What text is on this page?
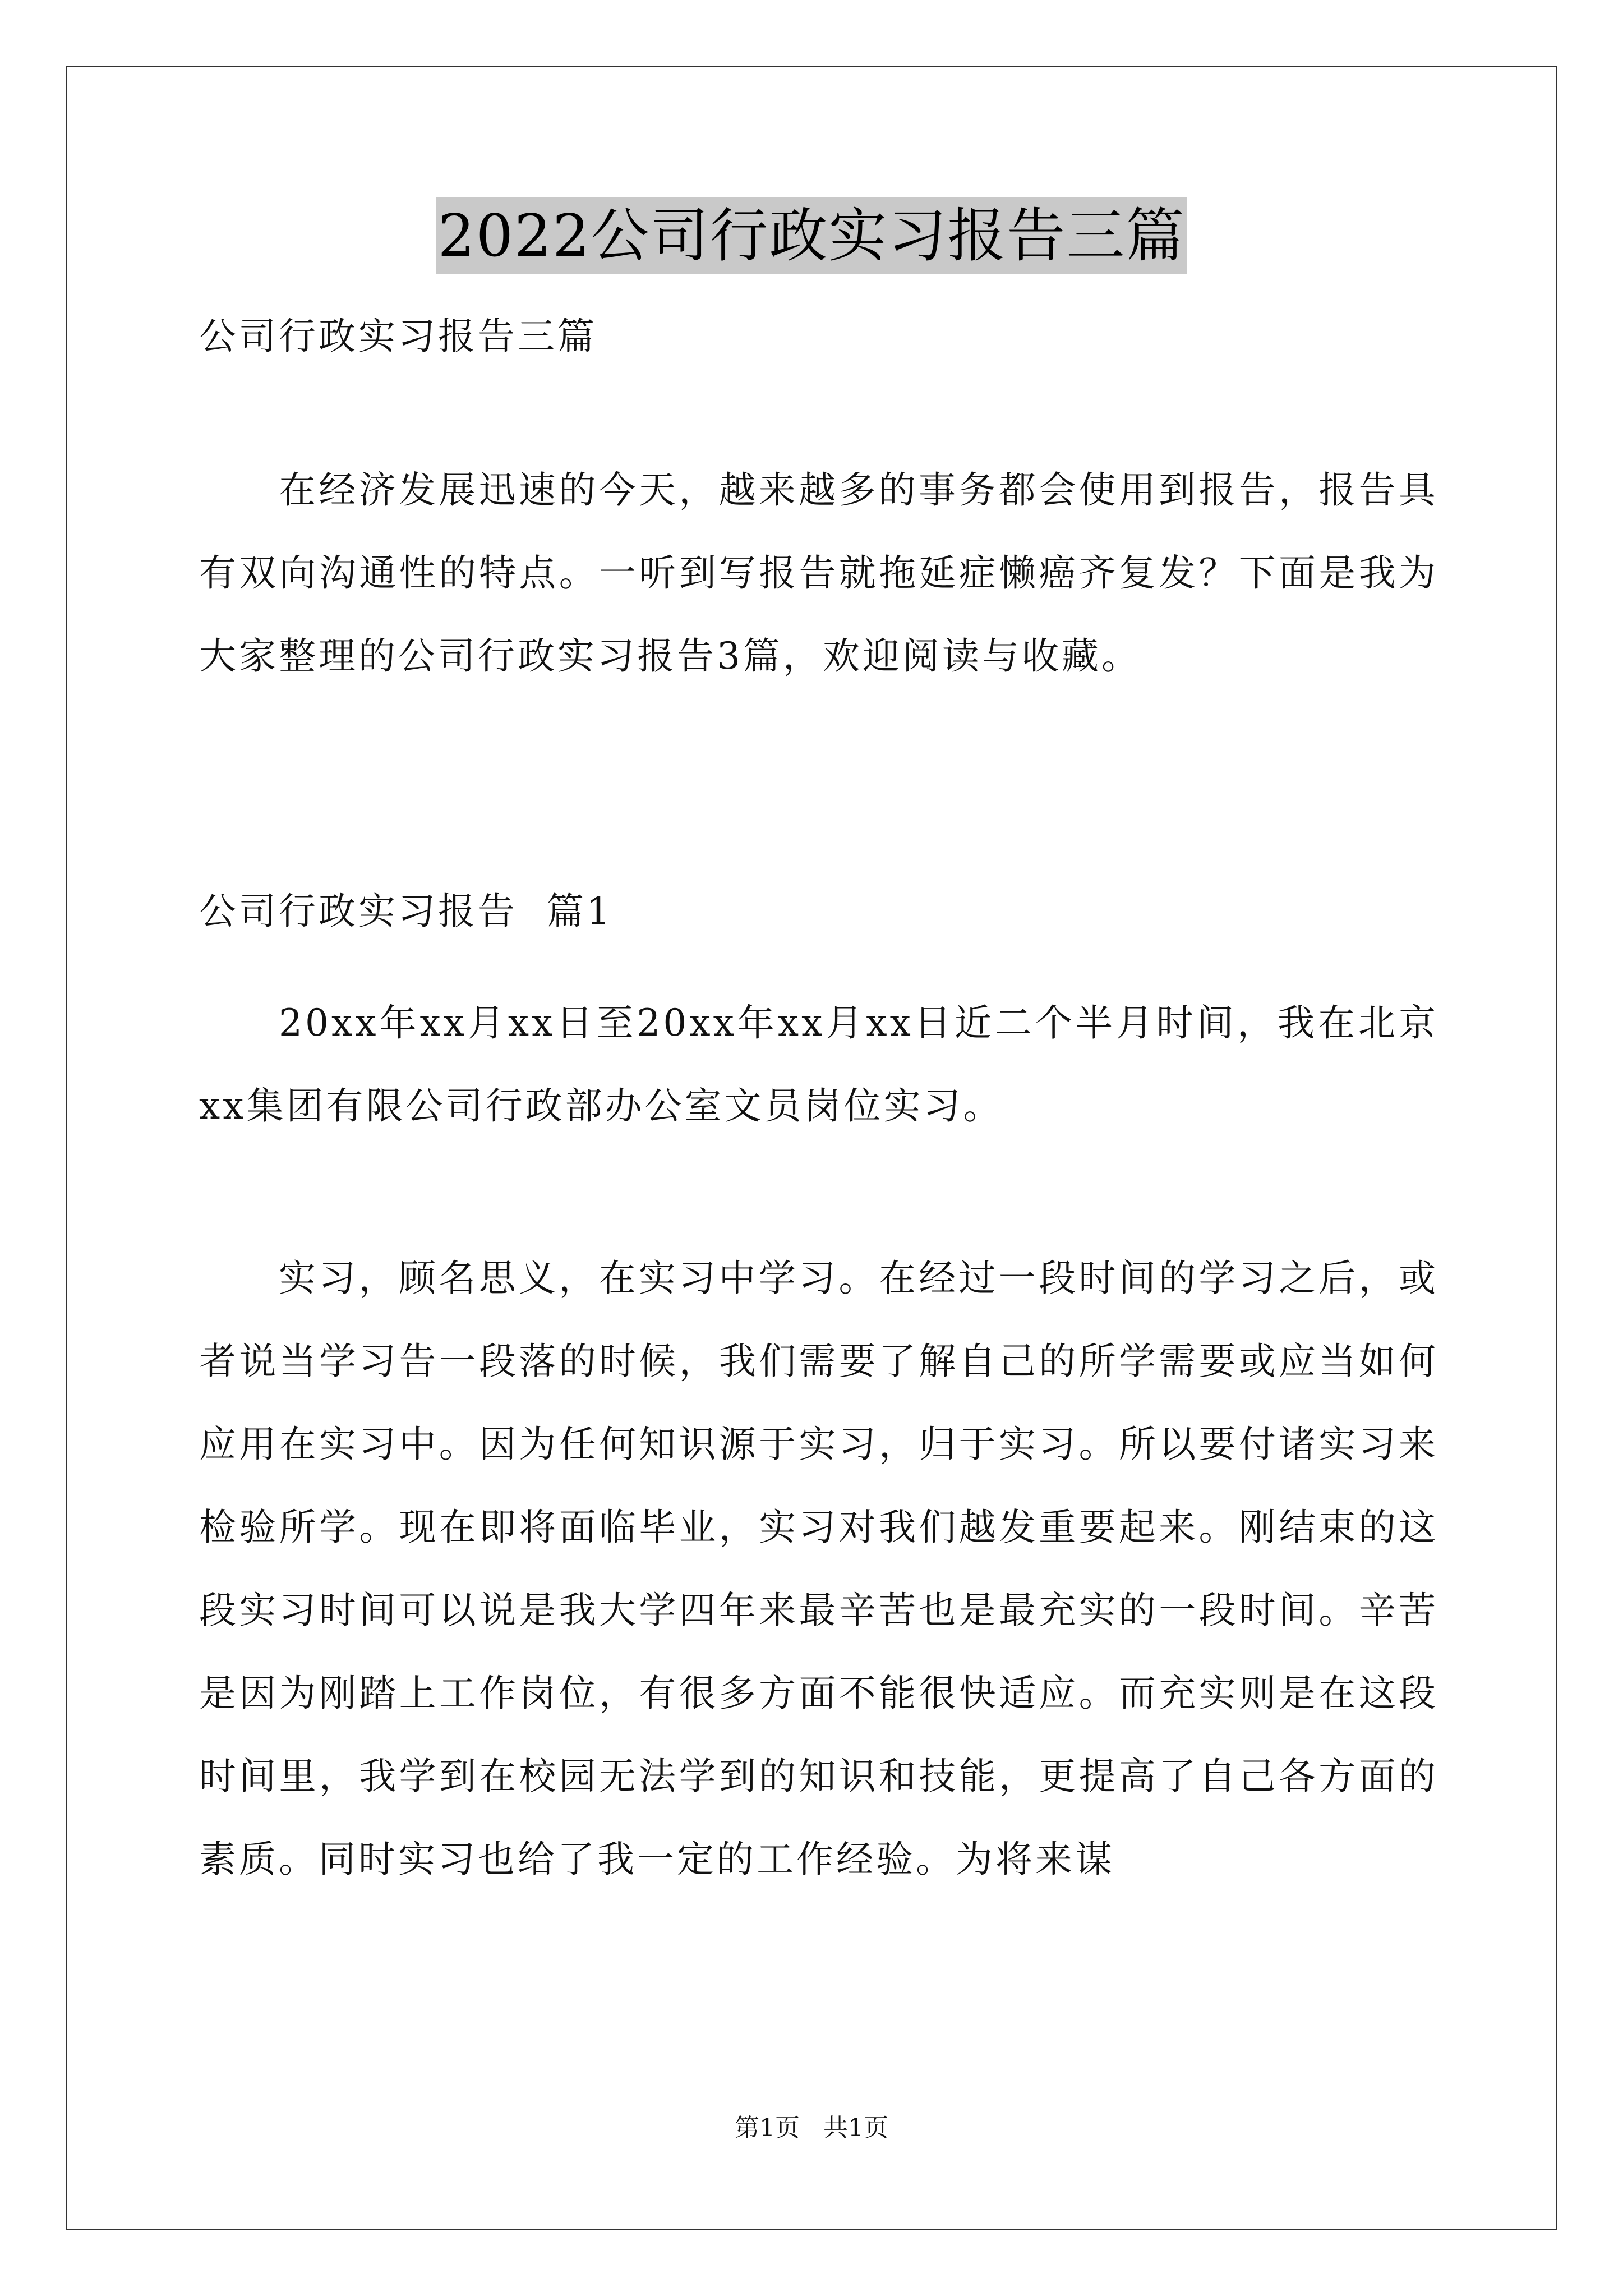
2022公司行政实习报告三篇

公司行政实习报告三篇

在经济发展迅速的今天，越来越多的事务都会使用到报告，报告具有双向沟通性的特点。一听到写报告就拖延症懒癌齐复发？下面是我为大家整理的公司行政实习报告3篇，欢迎阅读与收藏。

公司行政实习报告  篇1

20xx年xx月xx日至20xx年xx月xx日近二个半月时间，我在北京xx集团有限公司行政部办公室文员岗位实习。

实习，顾名思义，在实习中学习。在经过一段时间的学习之后，或者说当学习告一段落的时候，我们需要了解自己的所学需要或应当如何应用在实习中。因为任何知识源于实习，归于实习。所以要付诸实习来检验所学。现在即将面临毕业，实习对我们越发重要起来。刚结束的这段实习时间可以说是我大学四年来最辛苦也是最充实的一段时间。辛苦是因为刚踏上工作岗位，有很多方面不能很快适应。而充实则是在这段时间里，我学到在校园无法学到的知识和技能，更提高了自己各方面的素质。同时实习也给了我一定的工作经验。为将来谋

第1页   共1页
